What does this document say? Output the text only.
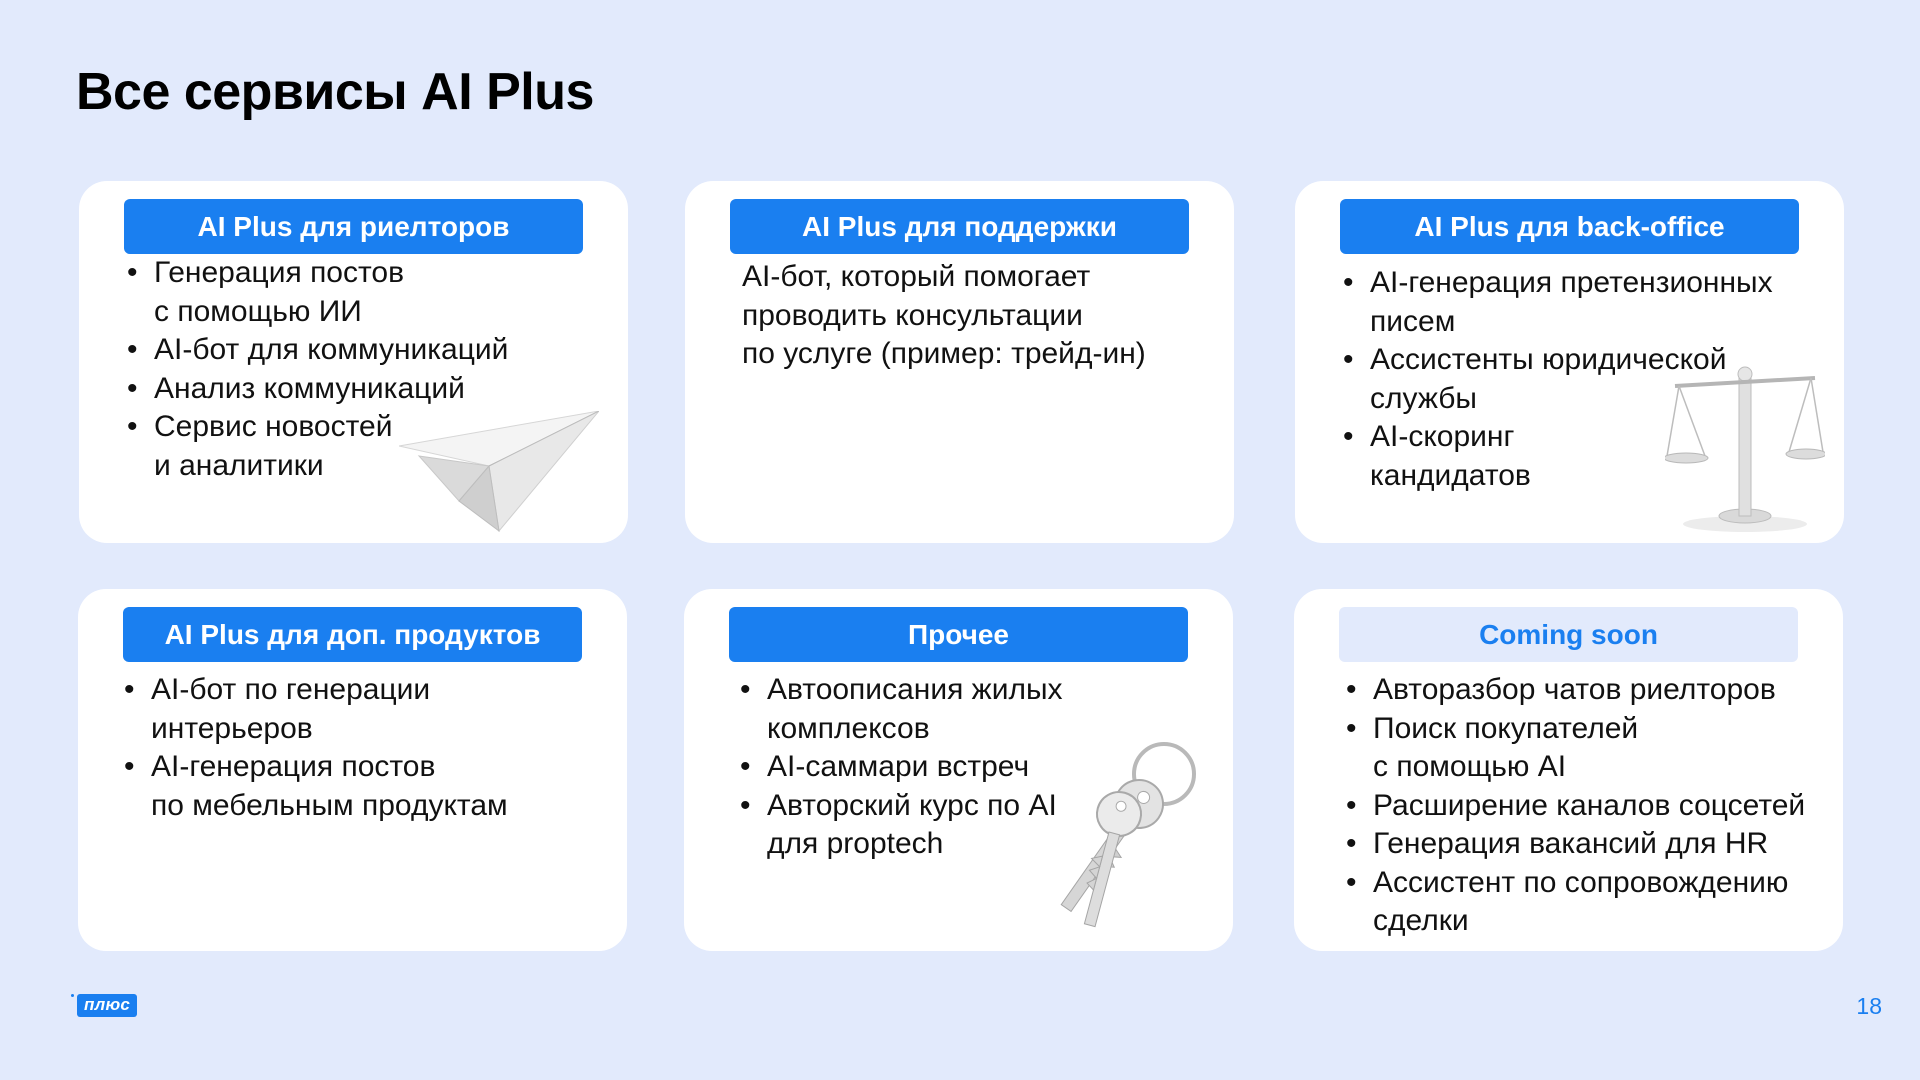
Все сервисы AI Plus
AI Plus для риелторов
• Генерация постов
с помощью ИИ
• AI-бот для коммуникаций
• Анализ коммуникаций
• Сервис новостей
и аналитики
AI Plus для поддержки

AI-бот, который помогает
проводить консультации
по услуге (пример: трейд-ин)

AI Plus для back-office
• AI-генерация претензионных
писем
• Ассистенты юридической
службы
• AI-скоринг
кандидатов
AI Plus для доп. продуктов
• AI-бот по генерации
интерьеров
• AI-генерация постов
по мебельным продуктам
Прочее
• Автоописания жилых
комплексов
• AI-саммари встреч
• Авторский курс по AI
для proptech
Coming soon
• Авторазбор чатов риелторов
• Поиск покупателей
с помощью AI
• Расширение каналов соцсетей
• Генерация вакансий для HR
• Ассистент по сопровождению
сделки
плюс	18
